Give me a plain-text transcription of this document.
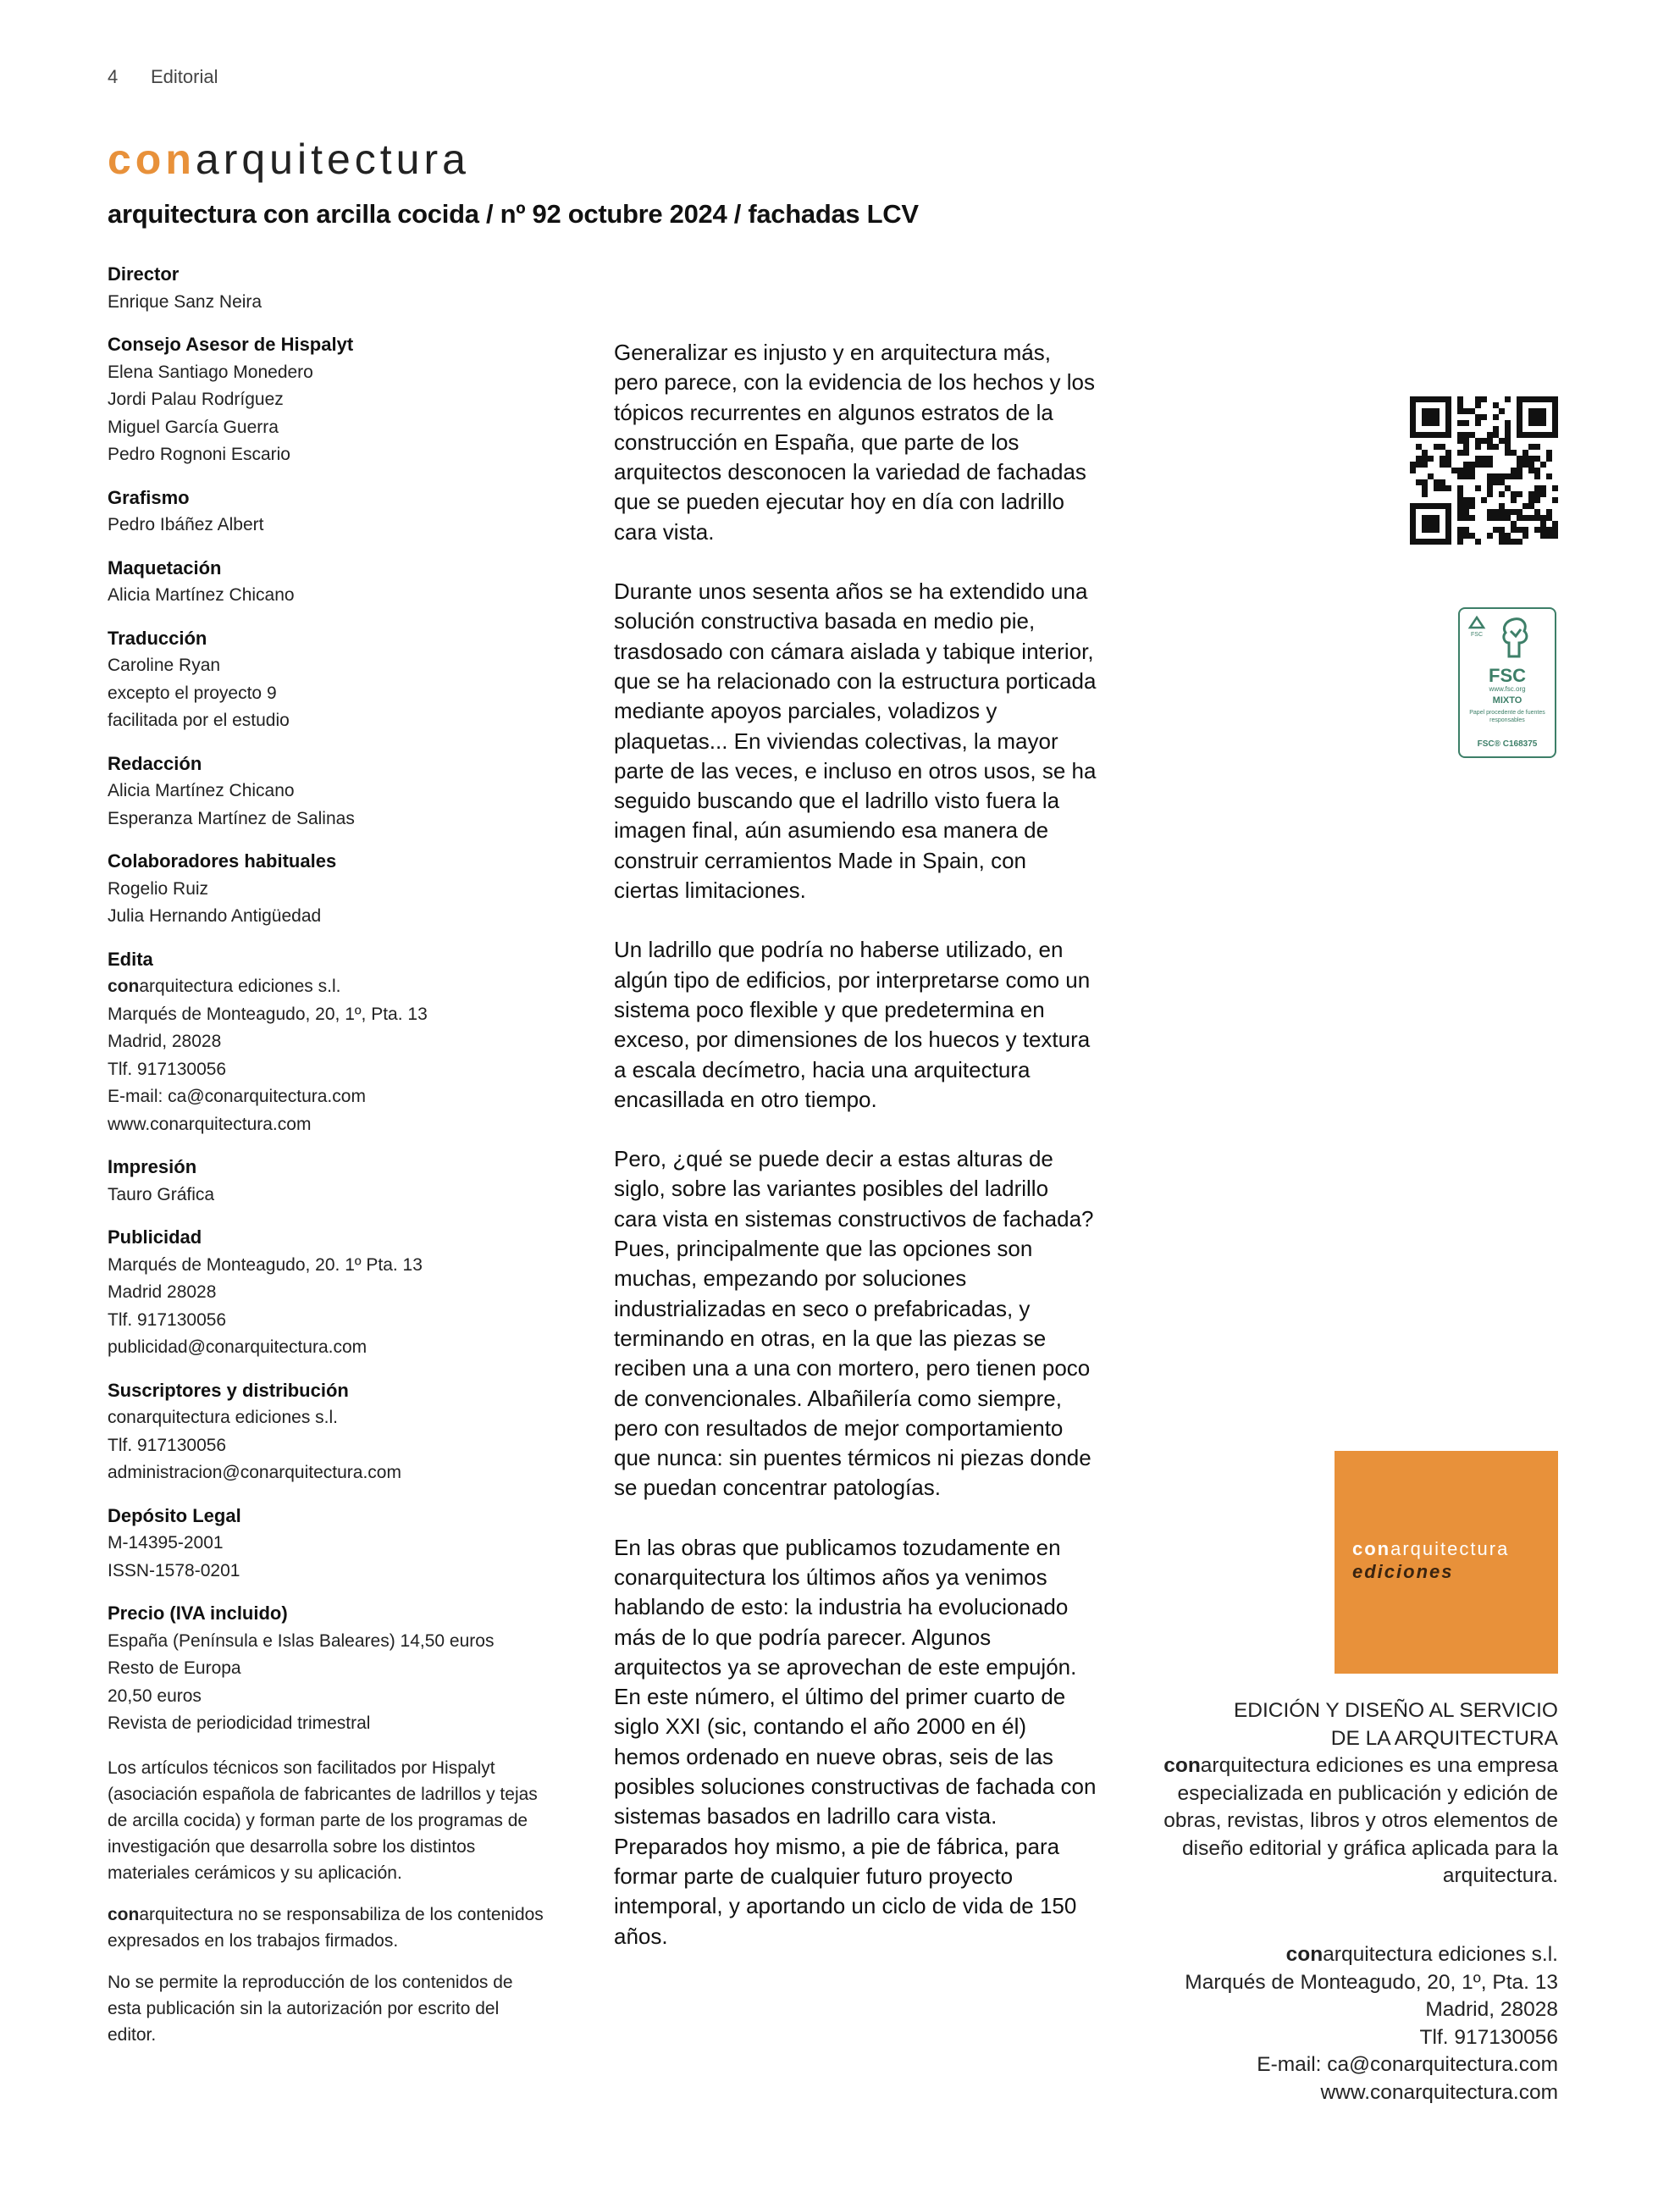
4 Editorial
conarquitectura
arquitectura con arcilla cocida / nº 92 octubre 2024 / fachadas LCV
Director
Enrique Sanz Neira
Consejo Asesor de Hispalyt
Elena Santiago Monedero
Jordi Palau Rodríguez
Miguel García Guerra
Pedro Rognoni Escario
Grafismo
Pedro Ibáñez Albert
Maquetación
Alicia Martínez Chicano
Traducción
Caroline Ryan
excepto el proyecto 9
facilitada por el estudio
Redacción
Alicia Martínez Chicano
Esperanza Martínez de Salinas
Colaboradores habituales
Rogelio Ruiz
Julia Hernando Antigüedad
Edita
conarquitectura ediciones s.l.
Marqués de Monteagudo, 20, 1º, Pta. 13
Madrid, 28028
Tlf. 917130056
E-mail: ca@conarquitectura.com
www.conarquitectura.com
Impresión
Tauro Gráfica
Publicidad
Marqués de Monteagudo, 20. 1º Pta. 13
Madrid 28028
Tlf. 917130056
publicidad@conarquitectura.com
Suscriptores y distribución
conarquitectura ediciones s.l.
Tlf. 917130056
administracion@conarquitectura.com
Depósito Legal
M-14395-2001
ISSN-1578-0201
Precio (IVA incluido)
España (Península e Islas Baleares) 14,50 euros
Resto de Europa
20,50 euros
Revista de periodicidad trimestral

Los artículos técnicos son facilitados por Hispalyt (asociación española de fabricantes de ladrillos y tejas de arcilla cocida) y forman parte de los programas de investigación que desarrolla sobre los distintos materiales cerámicos y su aplicación.

conarquitectura no se responsabiliza de los contenidos expresados en los trabajos firmados.

No se permite la reproducción de los contenidos de esta publicación sin la autorización por escrito del editor.

Generalizar es injusto y en arquitectura más, pero parece, con la evidencia de los hechos y los tópicos recurrentes en algunos estratos de la construcción en España, que parte de los arquitectos desconocen la variedad de fachadas que se pueden ejecutar hoy en día con ladrillo cara vista.

Durante unos sesenta años se ha extendido una solución constructiva basada en medio pie, trasdosado con cámara aislada y tabique interior, que se ha relacionado con la estructura porticada mediante apoyos parciales, voladizos y plaquetas... En viviendas colectivas, la mayor parte de las veces, e incluso en otros usos, se ha seguido buscando que el ladrillo visto fuera la imagen final, aún asumiendo esa manera de construir cerramientos Made in Spain, con ciertas limitaciones.

Un ladrillo que podría no haberse utilizado, en algún tipo de edificios, por interpretarse como un sistema poco flexible y que predetermina en exceso, por dimensiones de los huecos y textura a escala decímetro, hacia una arquitectura encasillada en otro tiempo.

Pero, ¿qué se puede decir a estas alturas de siglo, sobre las variantes posibles del ladrillo cara vista en sistemas constructivos de fachada? Pues, principalmente que las opciones son muchas, empezando por soluciones industrializadas en seco o prefabricadas, y terminando en otras, en la que las piezas se reciben una a una con mortero, pero tienen poco de convencionales. Albañilería como siempre, pero con resultados de mejor comportamiento que nunca: sin puentes térmicos ni piezas donde se puedan concentrar patologías.

En las obras que publicamos tozudamente en conarquitectura los últimos años ya venimos hablando de esto: la industria ha evolucionado más de lo que podría parecer. Algunos arquitectos ya se aprovechan de este empujón. En este número, el último del primer cuarto de siglo XXI (sic, contando el año 2000 en él) hemos ordenado en nueve obras, seis de las posibles soluciones constructivas de fachada con sistemas basados en ladrillo cara vista. Preparados hoy mismo, a pie de fábrica, para formar parte de cualquier futuro proyecto intemporal, y aportando un ciclo de vida de 150 años.

FSC
FSC
www.fsc.org
MIXTO
Papel procedente de fuentes responsables
FSC® C168375
conarquitectura
ediciones
EDICIÓN Y DISEÑO AL SERVICIO
DE LA ARQUITECTURA
conarquitectura ediciones es una empresa especializada en publicación y edición de obras, revistas, libros y otros elementos de diseño editorial y gráfica aplicada para la arquitectura.
conarquitectura ediciones s.l.
Marqués de Monteagudo, 20, 1º, Pta. 13
Madrid, 28028
Tlf. 917130056
E-mail: ca@conarquitectura.com
www.conarquitectura.com
